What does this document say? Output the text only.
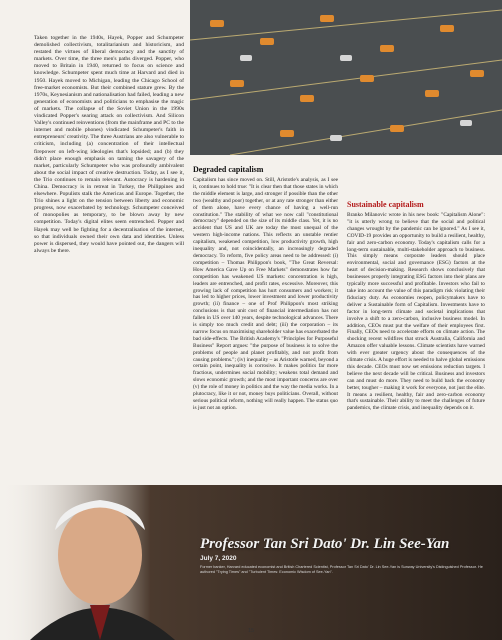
Taken together in the 1940s, Hayek, Popper and Schumpeter demolished collectivism, totalitarianism and historicism, and restated the virtues of liberal democracy and the sanctity of markets. Over time, the three men's paths diverged. Popper, who moved to Britain in 1940, returned to focus on science and knowledge. Schumpeter spent much time at Harvard and died in 1950. Hayek moved to Michigan, leading the Chicago School of free-market economists. But their combined stature grew. By the 1970s, Keynesianism and nationalisation had failed, leading a new generation of economists and politicians to emphasise the magic of markets. The collapse of the Soviet Union in the 1990s vindicated Popper's searing attack on collectivism. And Silicon Valley's continued reinventions (from the mainframe and PC to the internet and mobile phones) vindicated Schumpeter's faith in entrepreneurs' creativity. The three Austrians are also vulnerable to criticism, including (a) concentration of their intellectual firepower on left-wing ideologies that's lopsided; and (b) they didn't place enough emphasis on taming the savagery of the market, particularly Schumpeter who was profoundly ambivalent about the social impact of creative destruction. Today, as I see it, the Trio continues to remain relevant. Autocracy is hardening in China. Democracy is in retreat in Turkey, the Philippines and elsewhere. Populists stalk the Americas and Europe. Together, the Trio shines a light on the tension between liberty and economic progress, now exacerbated by technology. Schumpeter conceived of monopolies as temporary, to be blown away by new competition. Today's digital elites seem entrenched. Popper and Hayek may well be fighting for a decentralisation of the internet, so that individuals owned their own data and identities. Unless power is dispersed, they would have pointed out, the dangers will always be there.
Degraded capitalism
Capitalism has since moved on. Still, Aristotle's analysis, as I see it, continues to hold true: "It is clear then that those states in which the middle element is large, and stronger if possible than the other two (wealthy and poor) together, or at any rate stronger than either of them alone, have every chance of having a well-run constitution." The stability of what we now call "constitutional democracy" depended on the size of its middle class. Yet, it is no accident that US and UK are today the most unequal of the western high-income nations. This reflects an unstable rentier capitalism, weakened competition, low productivity growth, high inequality and, not coincidentally, an increasingly degraded democracy. To reform, five policy areas need to be addressed: (i) competition – Thomas Philippon's book, "The Great Reversal: How America Gave Up on Free Markets" demonstrates how far competition has weakened US markets: concentration is high, leaders are entrenched, and profit rates, excessive. Moreover, this growing lack of competition has hurt consumers and workers; it has led to higher prices, lower investment and lower productivity growth; (ii) finance – one of Prof Philippon's most striking conclusions is that unit cost of financial intermediation has not fallen in US over 140 years, despite technological advances. There is simply too much credit and debt; (iii) the corporation – its narrow focus on maximising shareholder value has exacerbated the bad side-effects. The British Academy's "Principles for Purposeful Business" Report argues: "the purpose of business is to solve the problems of people and planet profitably, and not profit from causing problems."; (iv) inequality – as Aristotle warned, beyond a certain point, inequality is corrosive. It makes politics far more fractious, undermines social mobility; weakens total demand and slows economic growth; and the most important concerns are over (v) the role of money in politics and the way the media works. In a plutocracy, like it or not, money buys politicians. Overall, without serious political reform, nothing will really happen. The status quo is just not an option.
Sustainable capitalism
Branko Milanovic wrote in his new book: "Capitalism Alone": "it is utterly wrong to believe that the social and political changes wrought by the pandemic can be ignored." As I see it, COVID-19 provides an opportunity to build a resilient, healthy, fair and zero-carbon economy. Today's capitalism calls for a long-term sustainable, multi-stakeholder approach to business. This simply means corporate leaders should place environmental, social and governance (ESG) factors at the heart of decision-making. Research shows conclusively that businesses properly integrating ESG factors into their plans are typically more successful and profitable. Investors who fail to take into account the value of this paradigm risk violating their fiduciary duty. As economies reopen, policymakers have to deliver a Sustainable form of Capitalism. Investments have to factor in long-term climate and societal implications that involve a shift to a zero-carbon, inclusive business model. In addition, CEOs must put the welfare of their employees first. Finally, CEOs need to accelerate efforts on climate action. The shocking recent wildfires that struck Australia, California and Amazon offer valuable lessons. Climate scientists have warned with ever greater urgency about the consequences of the climate crisis. A huge effort is needed to halve global emissions this decade. CEOs must now set emissions reduction targets. I believe the next decade will be critical. Business and investors can and must do more. They need to build back the economy better, tougher – making it work for everyone, not just the elite. It means a resilient, healthy, fair and zero-carbon economy that's sustainable. Their ability to meet the challenges of future pandemics, the climate crisis, and inequality depends on it.
Professor Tan Sri Dato' Dr. Lin See-Yan
July 7, 2020
Former banker, Harvard educated economist and British Chartered Scientist, Professor Tan Sri Dato' Dr. Lin See-Yan is Sunway University's Distinguished Professor. He authored "Trying Times" and "Turbulent Times: Economic Wisdom of See-Yan".
15
